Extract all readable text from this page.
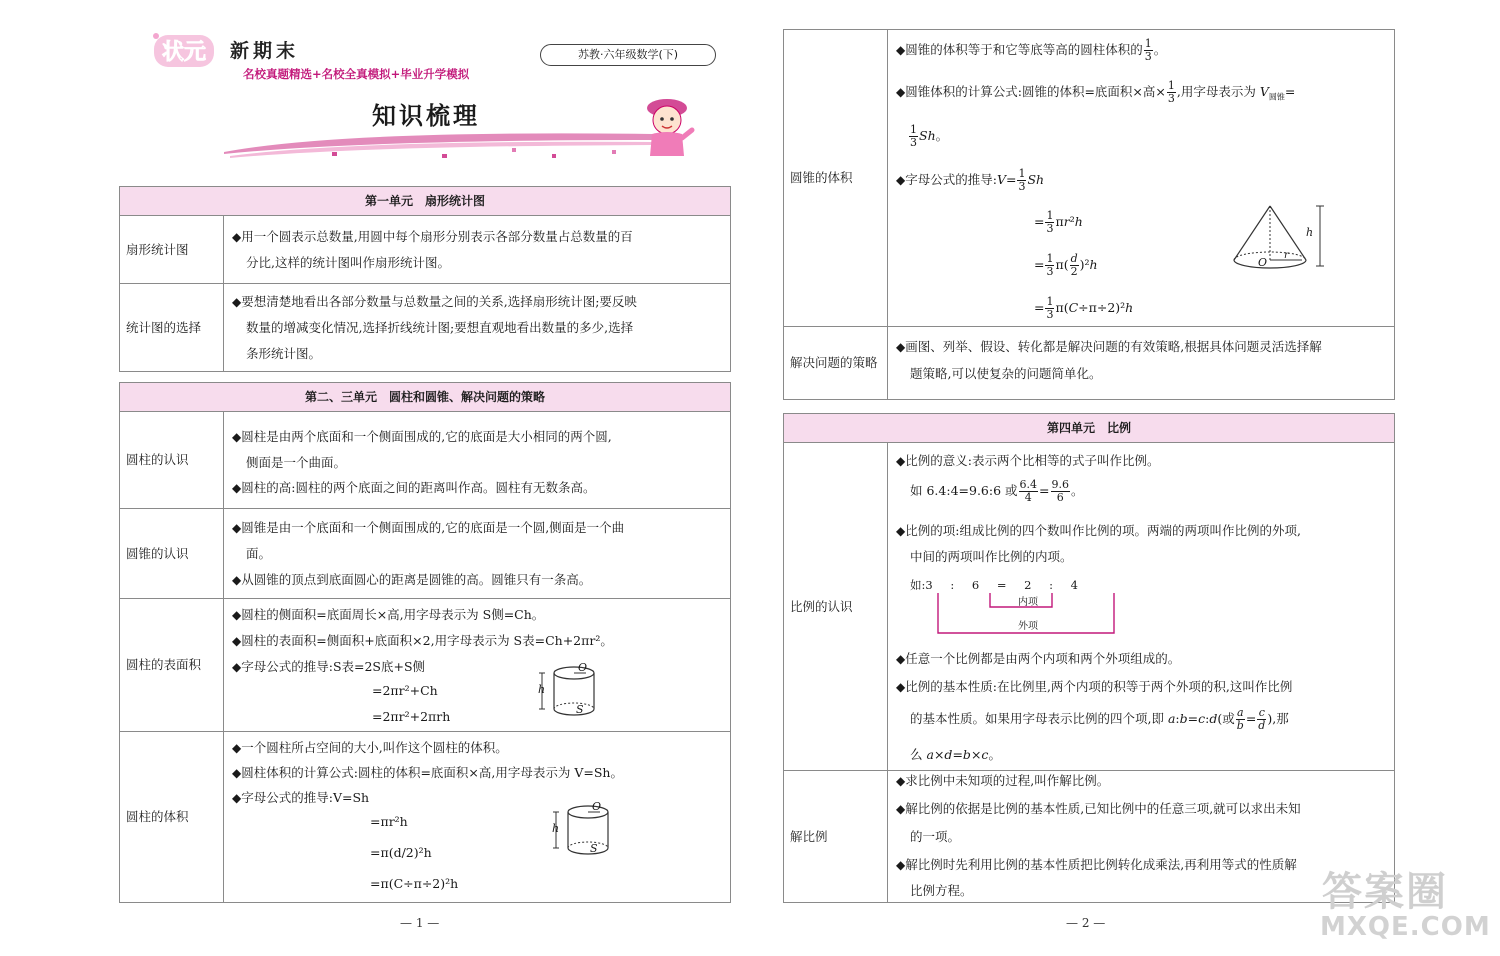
状元 新期末
名校真题精选+名校全真模拟+毕业升学模拟
苏教·六年级数学(下)
知识梳理
第一单元　扇形统计图
扇形统计图
◆ 用一个圆表示总数量,用圆中每个扇形分别表示各部分数量占总数量的百
分比,这样的统计图叫作扇形统计图。
统计图的选择
◆ 要想清楚地看出各部分数量与总数量之间的关系,选择扇形统计图;要反映
数量的增减变化情况,选择折线统计图;要想直观地看出数量的多少,选择
条形统计图。
第二、三单元　圆柱和圆锥、解决问题的策略
圆柱的认识
◆ 圆柱是由两个底面和一个侧面围成的,它的底面是大小相同的两个圆,
侧面是一个曲面。
◆ 圆柱的高:圆柱的两个底面之间的距离叫作高。圆柱有无数条高。
圆锥的认识
◆ 圆锥是由一个底面和一个侧面围成的,它的底面是一个圆,侧面是一个曲
面。
◆ 从圆锥的顶点到底面圆心的距离是圆锥的高。圆锥只有一条高。
圆柱的表面积
◆ 圆柱的侧面积=底面周长×高,用字母表示为 S侧=Ch。
◆ 圆柱的表面积=侧面积+底面积×2,用字母表示为 S表=Ch+2πr²。
◆ 字母公式的推导:S表=2S底+S侧
=2πr²+Ch
=2πr²+2πrh
h
O
S
圆柱的体积
◆ 一个圆柱所占空间的大小,叫作这个圆柱的体积。
◆ 圆柱体积的计算公式:圆柱的体积=底面积×高,用字母表示为 V=Sh。
◆ 字母公式的推导:V=Sh
=πr²h
=π(d/2)²h
=π(C÷π÷2)²h
h
O
S
— 1 —
圆锥的体积
◆ 圆锥的体积等于和它等底等高的圆柱体积的 $\frac{1}{3}$ 。
◆ 圆锥体积的计算公式:圆锥的体积=底面积×高× $\frac{1}{3}$ ,用字母表示为 $V_{圆锥}=$
$\frac{1}{3}$ Sh。
◆ 字母公式的推导:V= $\frac{1}{3}$ Sh
= $\frac{1}{3} \pi r^2h$
= $\frac{1}{3} \pi( \frac{d}{2} )^2h$
= $\frac{1}{3} \pi(C\div\pi\div 2)^2h$
h
O
r
解决问题的策略
◆ 画图、列举、假设、转化都是解决问题的有效策略,根据具体问题灵活选择解
题策略,可以使复杂的问题简单化。
第四单元　比例
比例的认识
◆ 比例的意义:表示两个比相等的式子叫作比例。
如 6.4:4=9.6:6 或 $\frac{6.4}{4} = \frac{9.6}{6}$ 。
◆ 比例的项:组成比例的四个数叫作比例的项。两端的两项叫作比例的外项,
中间的两项叫作比例的内项。
如:3 : 6 = 2 : 4
内项
外项
◆ 任意一个比例都是由两个内项和两个外项组成的。
◆ 比例的基本性质:在比例里,两个内项的积等于两个外项的积,这叫作比例
的基本性质。如果用字母表示比例的四个项,即 a:b=c:d(或 $\frac{a}{b} = \frac{c}{d}$ ),那
么 a×d=b×c。
解比例
◆ 求比例中未知项的过程,叫作解比例。
◆ 解比例的依据是比例的基本性质,已知比例中的任意三项,就可以求出未知
的一项。
◆ 解比例时先利用比例的基本性质把比例转化成乘法,再利用等式的性质解
比例方程。
— 2 —
答案圈
MXQE.COM
